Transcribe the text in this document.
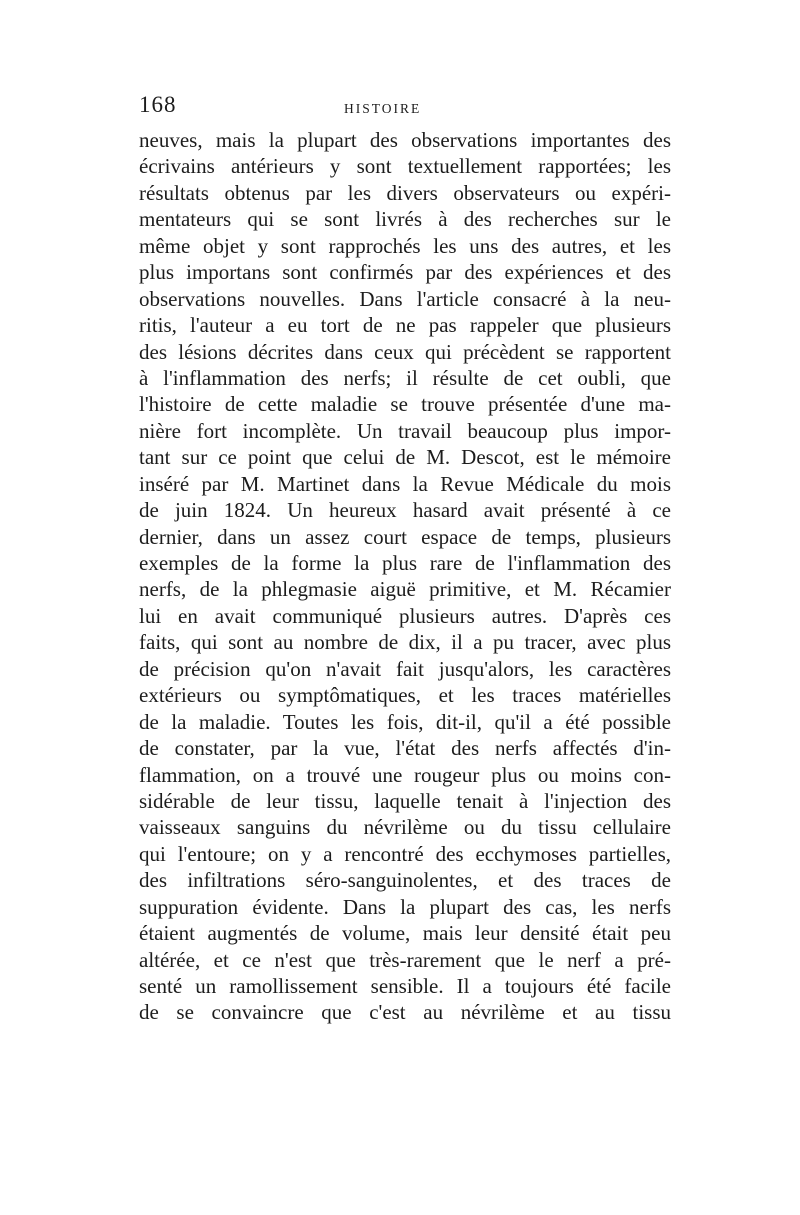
168	HISTOIRE
neuves, mais la plupart des observations importantes des
écrivains antérieurs y sont textuellement rapportées; les
résultats obtenus par les divers observateurs ou expéri-
mentateurs qui se sont livrés à des recherches sur le
même objet y sont rapprochés les uns des autres, et les
plus importans sont confirmés par des expériences et des
observations nouvelles. Dans l'article consacré à la neu-
ritis, l'auteur a eu tort de ne pas rappeler que plusieurs
des lésions décrites dans ceux qui précèdent se rapportent
à l'inflammation des nerfs; il résulte de cet oubli, que
l'histoire de cette maladie se trouve présentée d'une ma-
nière fort incomplète. Un travail beaucoup plus impor-
tant sur ce point que celui de M. Descot, est le mémoire
inséré par M. Martinet dans la Revue Médicale du mois
de juin 1824. Un heureux hasard avait présenté à ce
dernier, dans un assez court espace de temps, plusieurs
exemples de la forme la plus rare de l'inflammation des
nerfs, de la phlegmasie aiguë primitive, et M. Récamier
lui en avait communiqué plusieurs autres. D'après ces
faits, qui sont au nombre de dix, il a pu tracer, avec plus
de précision qu'on n'avait fait jusqu'alors, les caractères
extérieurs ou symptômatiques, et les traces matérielles
de la maladie. Toutes les fois, dit-il, qu'il a été possible
de constater, par la vue, l'état des nerfs affectés d'in-
flammation, on a trouvé une rougeur plus ou moins con-
sidérable de leur tissu, laquelle tenait à l'injection des
vaisseaux sanguins du névrilème ou du tissu cellulaire
qui l'entoure; on y a rencontré des ecchymoses partielles,
des infiltrations séro-sanguinolentes, et des traces de
suppuration évidente. Dans la plupart des cas, les nerfs
étaient augmentés de volume, mais leur densité était peu
altérée, et ce n'est que très-rarement que le nerf a pré-
senté un ramollissement sensible. Il a toujours été facile
de se convaincre que c'est au névrilème et au tissu
